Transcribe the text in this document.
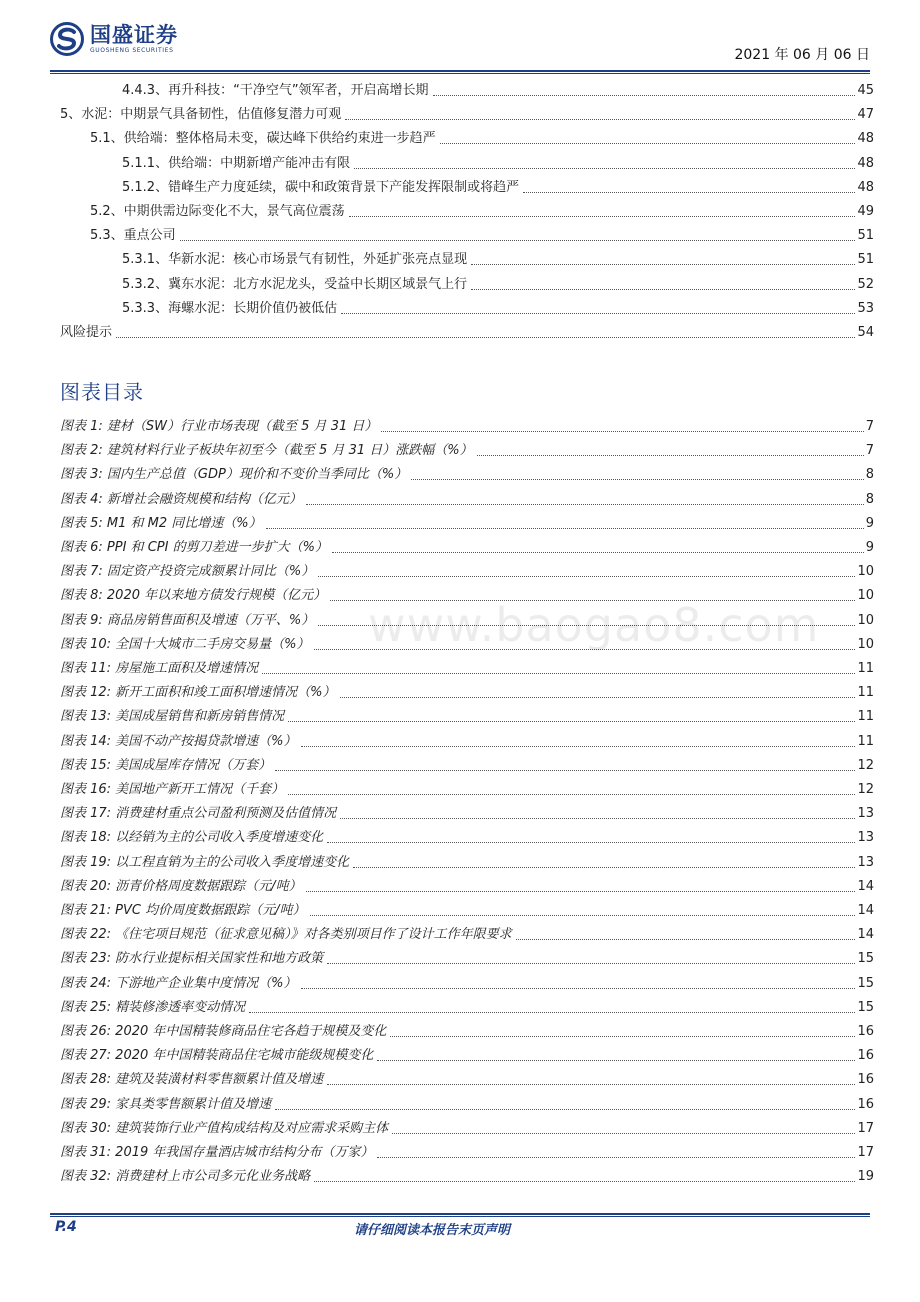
国盛证券
GUOSHENG SECURITIES	2021 年 06 月 06 日
4.4.3、再升科技：“干净空气”领军者，开启高增长期	45
5、水泥：中期景气具备韧性，估值修复潜力可观	47
5.1、供给端：整体格局未变，碳达峰下供给约束进一步趋严	48
5.1.1、供给端：中期新增产能冲击有限	48
5.1.2、错峰生产力度延续，碳中和政策背景下产能发挥限制或将趋严	48
5.2、中期供需边际变化不大，景气高位震荡	49
5.3、重点公司	51
5.3.1、华新水泥：核心市场景气有韧性，外延扩张亮点显现	51
5.3.2、冀东水泥：北方水泥龙头，受益中长期区域景气上行	52
5.3.3、海螺水泥：长期价值仍被低估	53
风险提示	54
图表目录
图表 1: 建材（SW）行业市场表现（截至 5 月 31 日）	7
图表 2: 建筑材料行业子板块年初至今（截至 5 月 31 日）涨跌幅（%）	7
图表 3: 国内生产总值（GDP）现价和不变价当季同比（%）	8
图表 4: 新增社会融资规模和结构（亿元）	8
图表 5: M1 和 M2 同比增速（%）	9
图表 6: PPI 和 CPI 的剪刀差进一步扩大（%）	9
图表 7: 固定资产投资完成额累计同比（%）	10
图表 8: 2020 年以来地方债发行规模（亿元）	10
图表 9: 商品房销售面积及增速（万平、%）	10
图表 10: 全国十大城市二手房交易量（%）	10
图表 11: 房屋施工面积及增速情况	11
图表 12: 新开工面积和竣工面积增速情况（%）	11
图表 13: 美国成屋销售和新房销售情况	11
图表 14: 美国不动产按揭贷款增速（%）	11
图表 15: 美国成屋库存情况（万套）	12
图表 16: 美国地产新开工情况（千套）	12
图表 17: 消费建材重点公司盈利预测及估值情况	13
图表 18: 以经销为主的公司收入季度增速变化	13
图表 19: 以工程直销为主的公司收入季度增速变化	13
图表 20: 沥青价格周度数据跟踪（元/吨）	14
图表 21: PVC 均价周度数据跟踪（元/吨）	14
图表 22: 《住宅项目规范（征求意见稿）》对各类别项目作了设计工作年限要求	14
图表 23: 防水行业提标相关国家性和地方政策	15
图表 24: 下游地产企业集中度情况（%）	15
图表 25: 精装修渗透率变动情况	15
图表 26: 2020 年中国精装修商品住宅各趋于规模及变化	16
图表 27: 2020 年中国精装商品住宅城市能级规模变化	16
图表 28: 建筑及装潢材料零售额累计值及增速	16
图表 29: 家具类零售额累计值及增速	16
图表 30: 建筑装饰行业产值构成结构及对应需求采购主体	17
图表 31: 2019 年我国存量酒店城市结构分布（万家）	17
图表 32: 消费建材上市公司多元化业务战略	19
www.baogao8.com
P.4	请仔细阅读本报告末页声明
